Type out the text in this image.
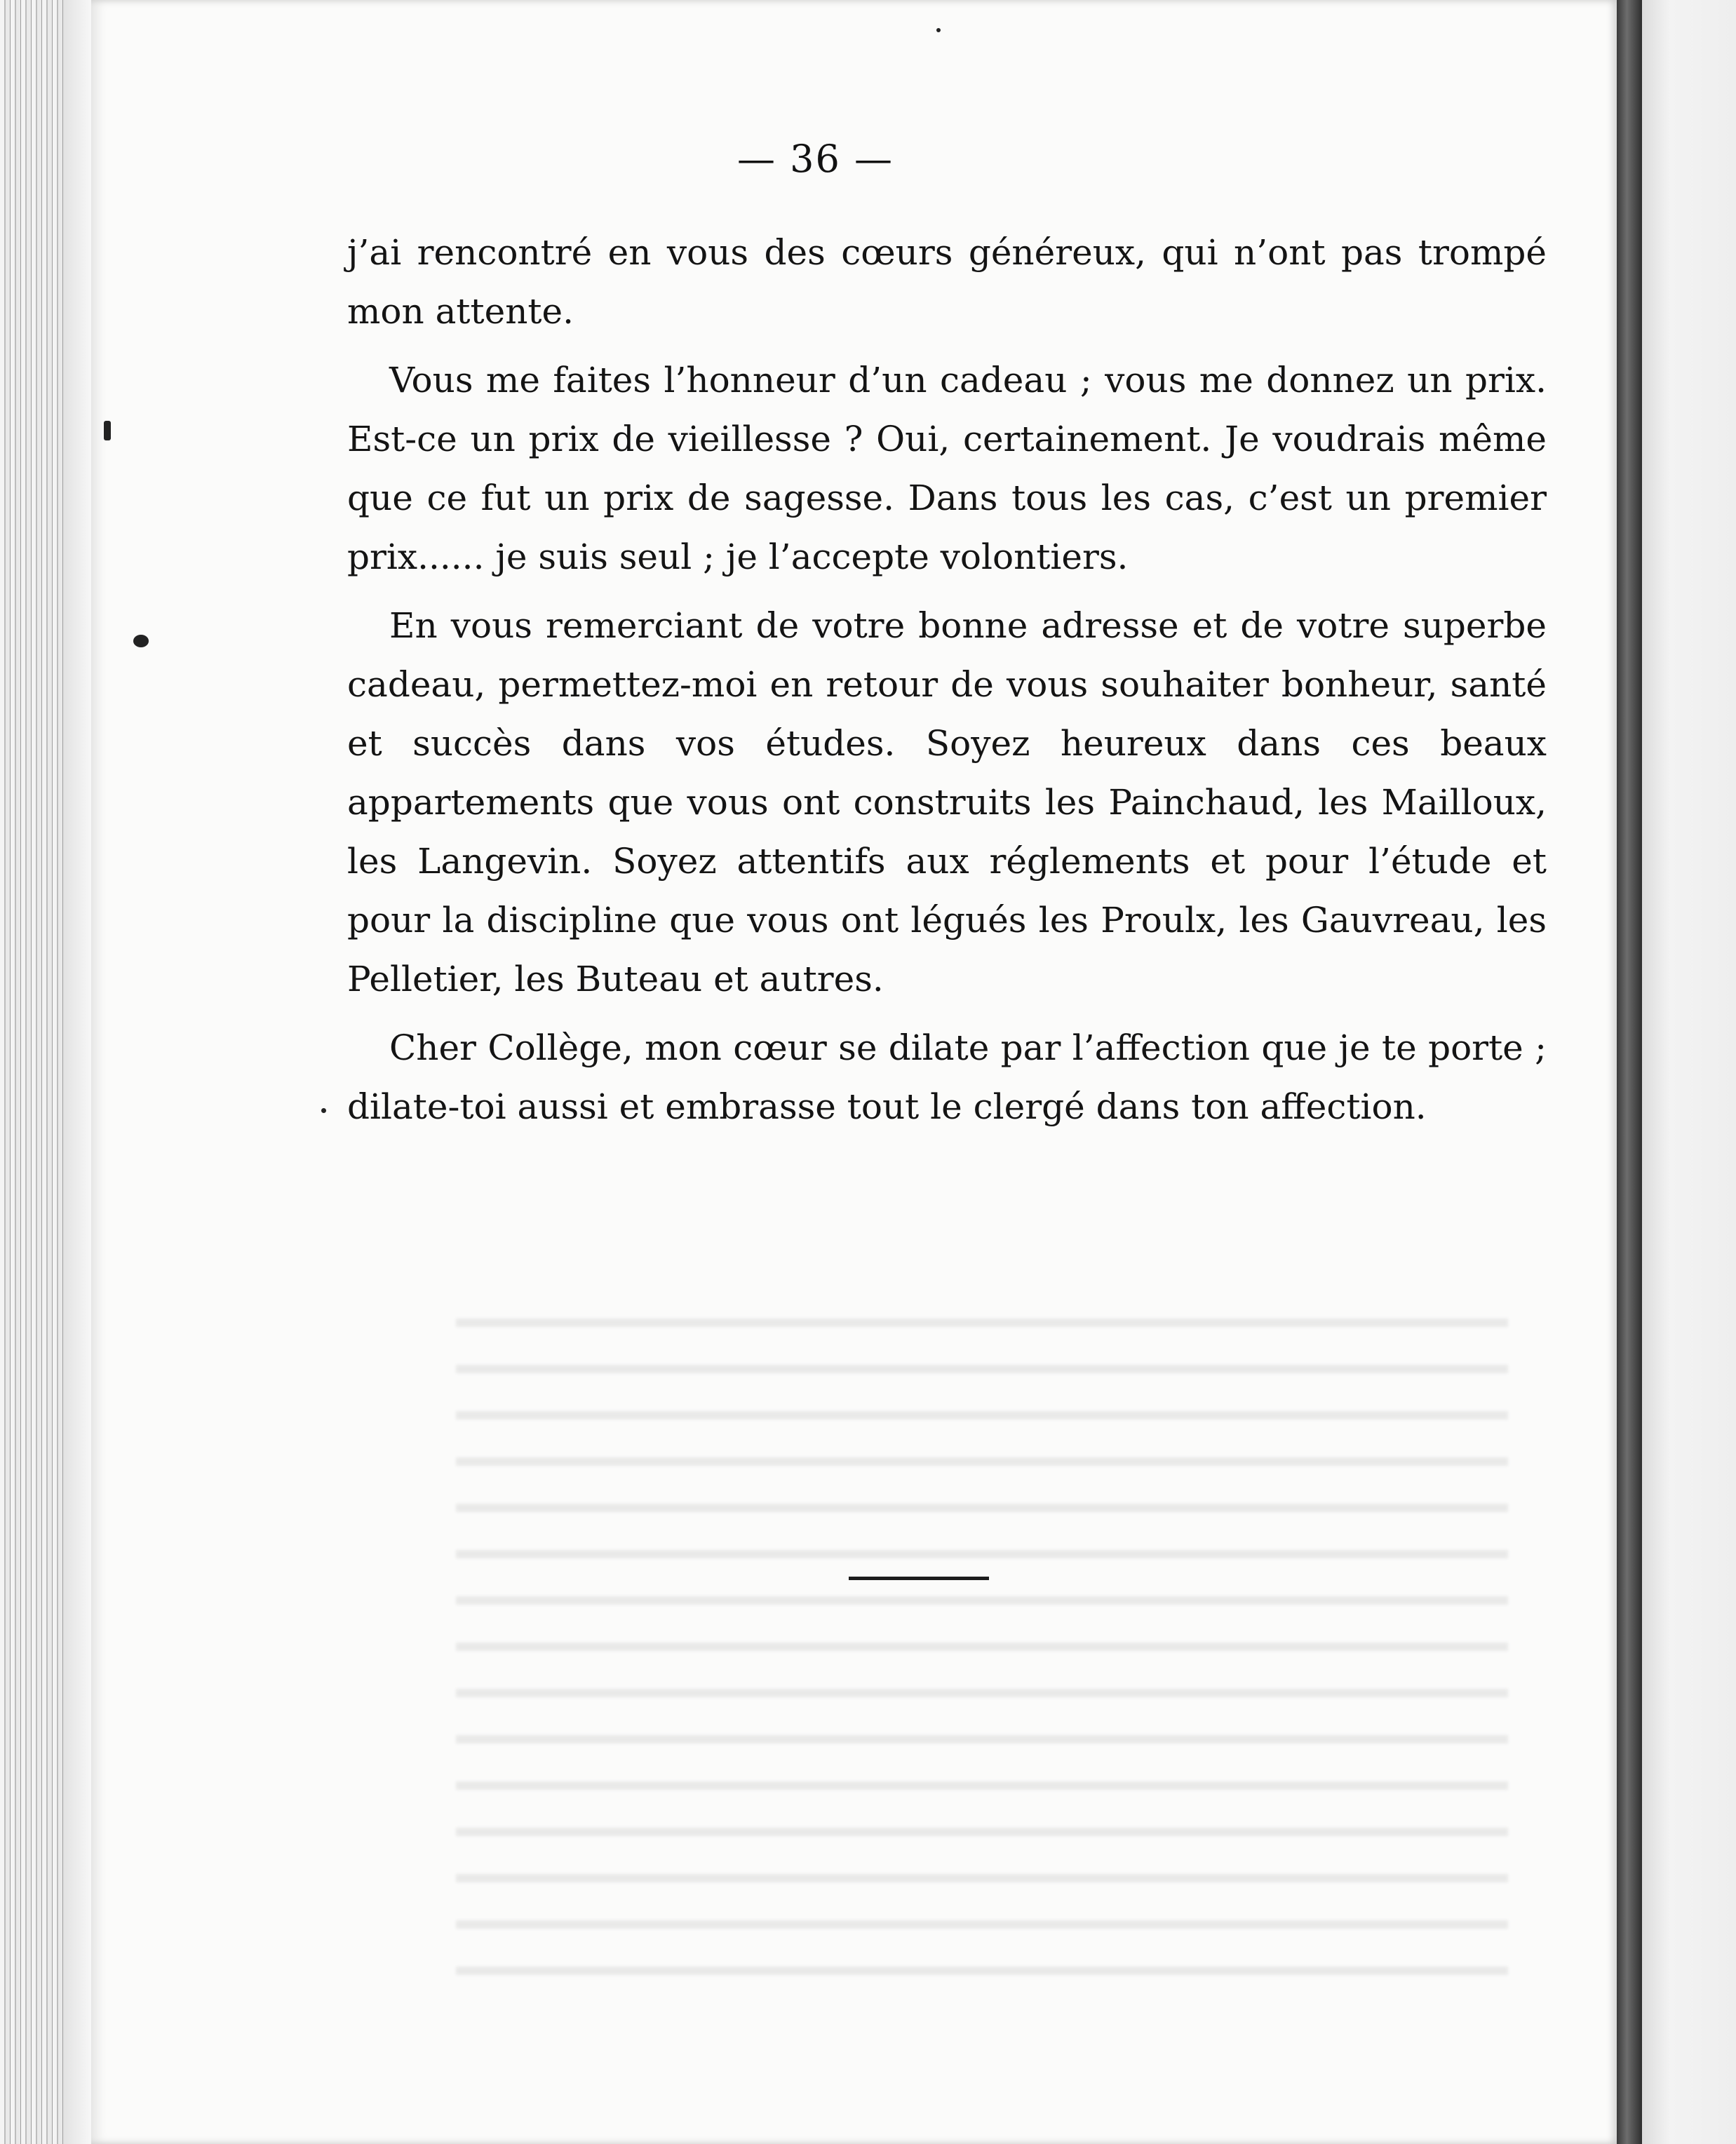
— 36 —

j’ai rencontré en vous des cœurs généreux, qui n’ont pas trompé mon attente.

Vous me faites l’honneur d’un cadeau ; vous me donnez un prix. Est-ce un prix de vieillesse ? Oui, certainement. Je voudrais même que ce fut un prix de sagesse. Dans tous les cas, c’est un premier prix...... je suis seul ; je l’accepte volontiers.

En vous remerciant de votre bonne adresse et de votre superbe cadeau, permettez-moi en retour de vous souhaiter bonheur, santé et succès dans vos études. Soyez heureux dans ces beaux appartements que vous ont construits les Painchaud, les Mailloux, les Langevin. Soyez attentifs aux réglements et pour l’étude et pour la discipline que vous ont légués les Proulx, les Gauvreau, les Pelletier, les Buteau et autres.

Cher Collège, mon cœur se dilate par l’affection que je te porte ; dilate-toi aussi et embrasse tout le clergé dans ton affection.
